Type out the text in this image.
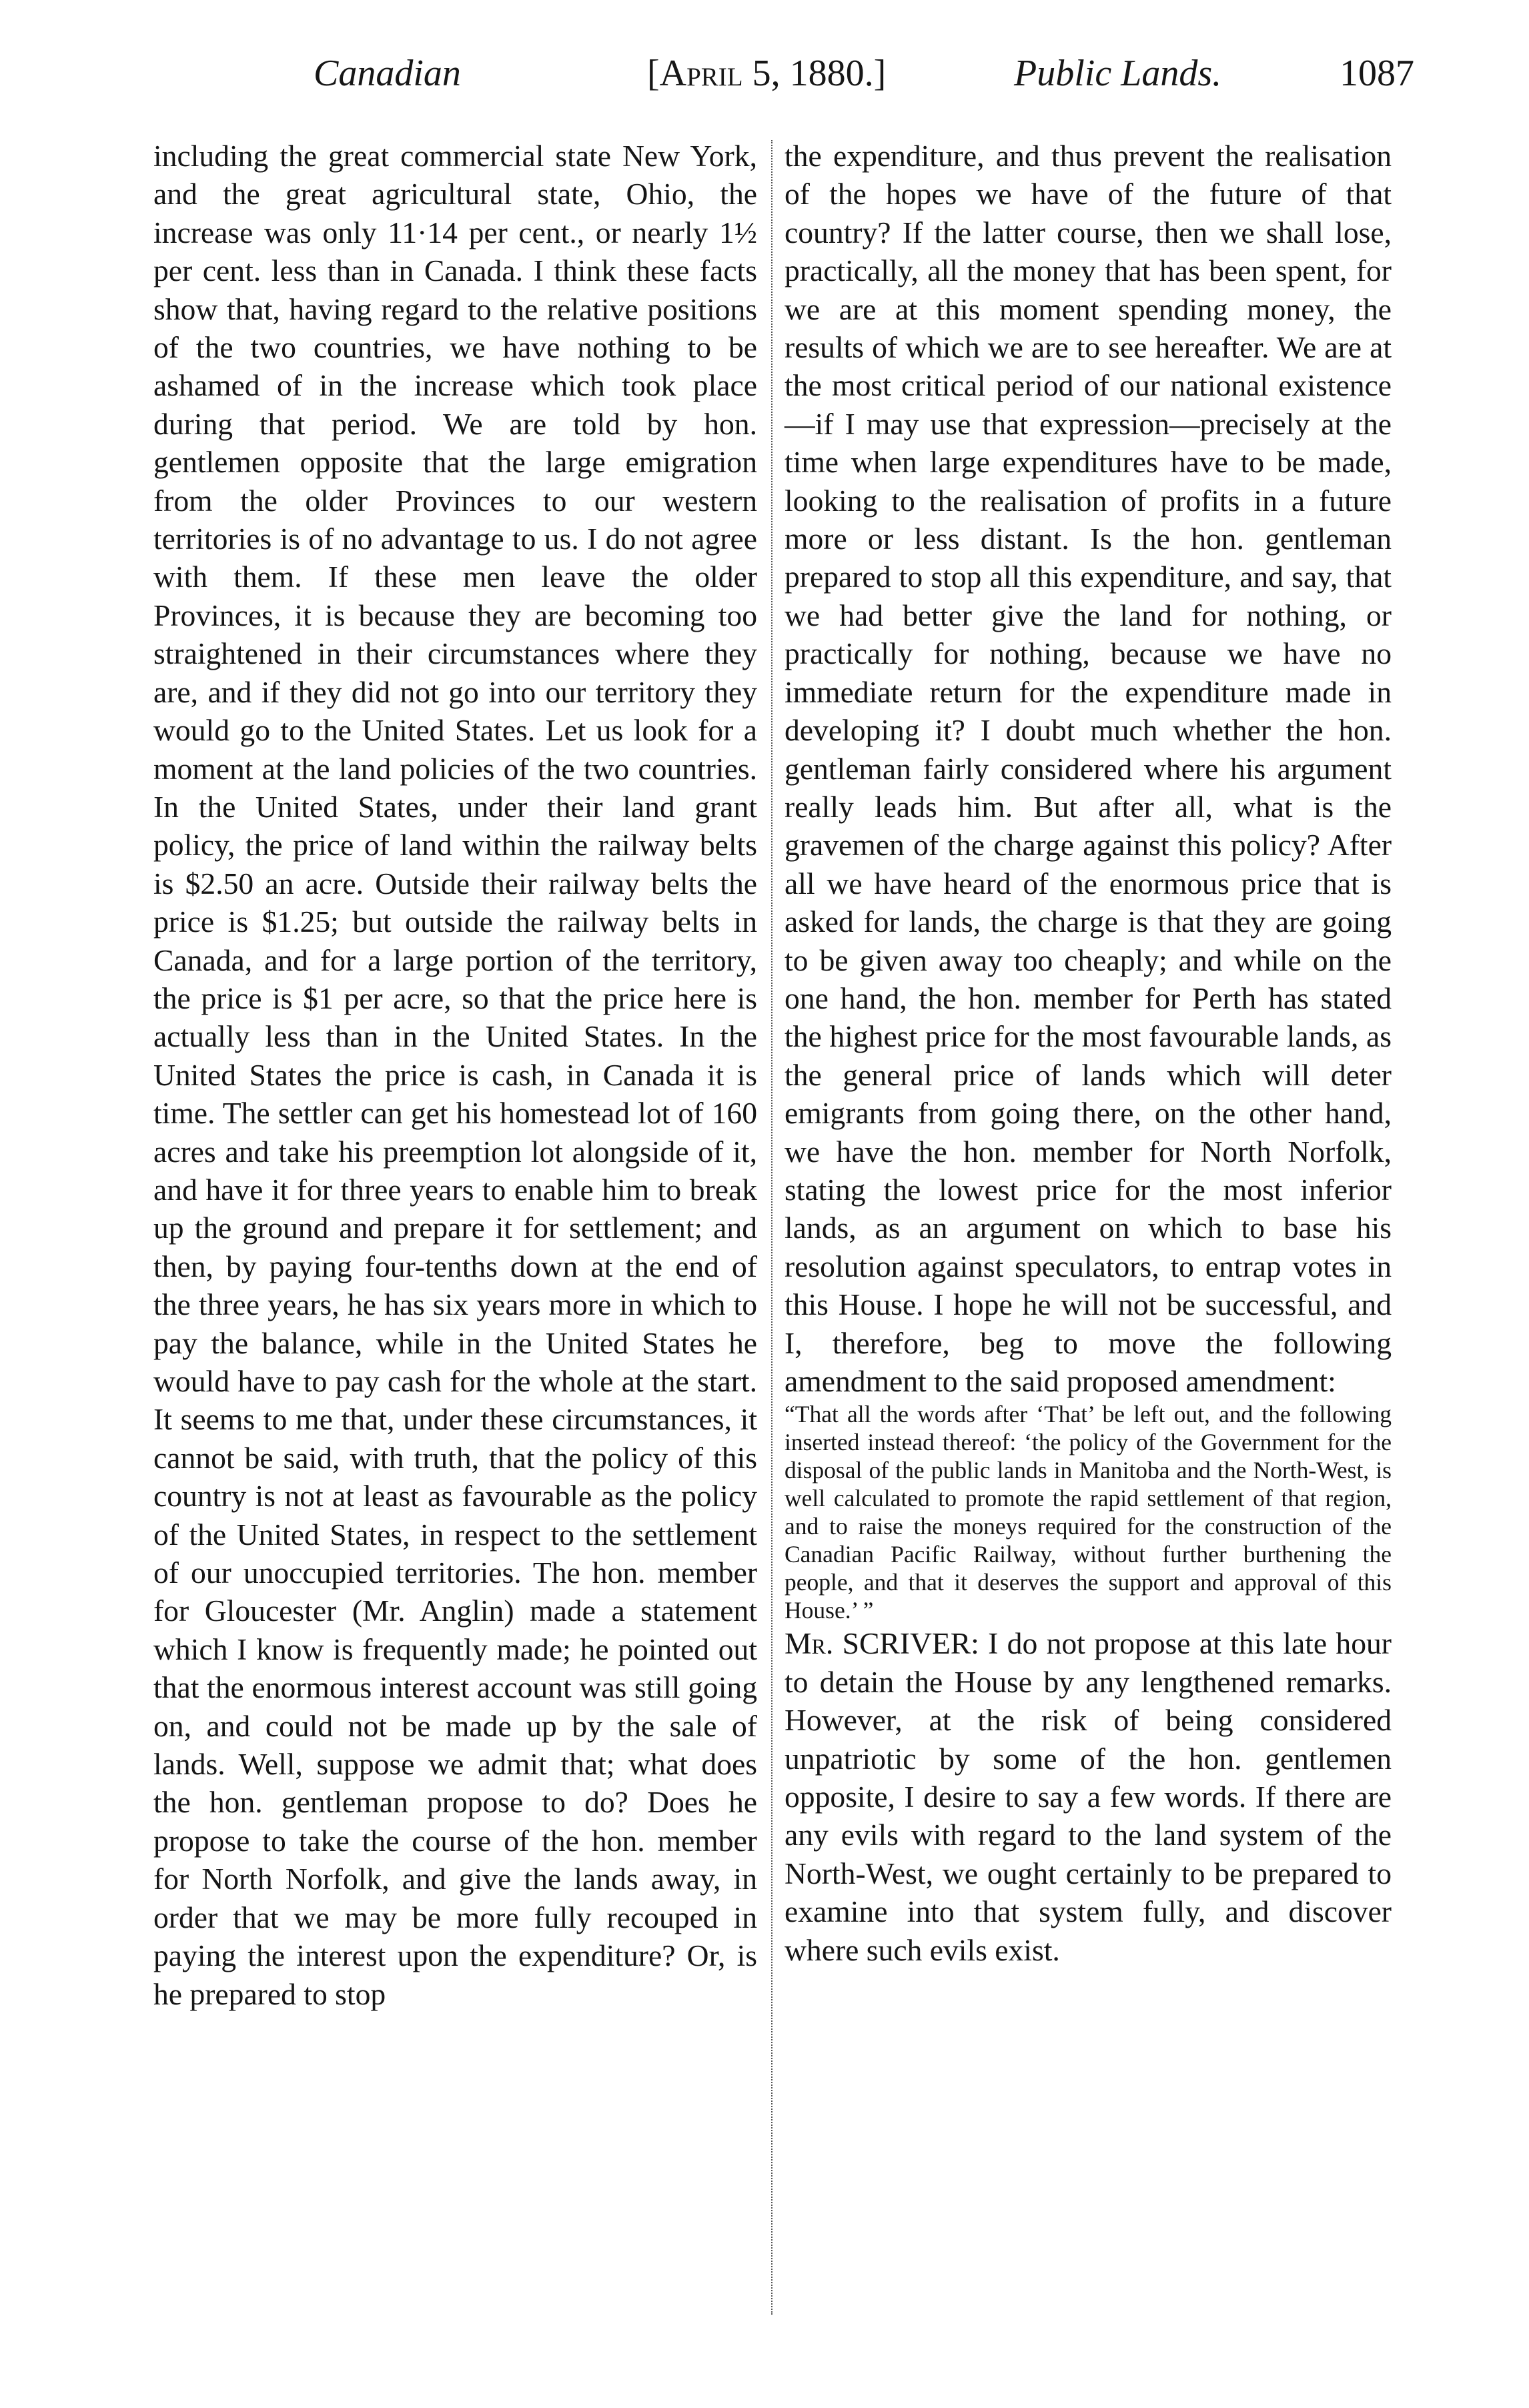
Canadian	[April 5, 1880.]	Public Lands.	1087

including the great commercial state New York, and the great agricultural state, Ohio, the increase was only 11·14 per cent., or nearly 1½ per cent. less than in Canada. I think these facts show that, having regard to the relative positions of the two countries, we have nothing to be ashamed of in the increase which took place during that period. We are told by hon. gentlemen opposite that the large emigration from the older Provinces to our western territories is of no advantage to us. I do not agree with them. If these men leave the older Provinces, it is because they are becoming too straightened in their circumstances where they are, and if they did not go into our territory they would go to the United States. Let us look for a moment at the land policies of the two countries. In the United States, under their land grant policy, the price of land within the railway belts is $2.50 an acre. Outside their railway belts the price is $1.25; but outside the railway belts in Canada, and for a large portion of the territory, the price is $1 per acre, so that the price here is actually less than in the United States. In the United States the price is cash, in Canada it is time. The settler can get his homestead lot of 160 acres and take his preemption lot alongside of it, and have it for three years to enable him to break up the ground and prepare it for settlement; and then, by paying four-tenths down at the end of the three years, he has six years more in which to pay the balance, while in the United States he would have to pay cash for the whole at the start. It seems to me that, under these circumstances, it cannot be said, with truth, that the policy of this country is not at least as favourable as the policy of the United States, in respect to the settlement of our unoccupied territories. The hon. member for Gloucester (Mr. Anglin) made a statement which I know is frequently made; he pointed out that the enormous interest account was still going on, and could not be made up by the sale of lands. Well, suppose we admit that; what does the hon. gentleman propose to do? Does he propose to take the course of the hon. member for North Norfolk, and give the lands away, in order that we may be more fully recouped in paying the interest upon the expenditure? Or, is he prepared to stop

the expenditure, and thus prevent the realisation of the hopes we have of the future of that country? If the latter course, then we shall lose, practically, all the money that has been spent, for we are at this moment spending money, the results of which we are to see hereafter. We are at the most critical period of our national existence—if I may use that expression—precisely at the time when large expenditures have to be made, looking to the realisation of profits in a future more or less distant. Is the hon. gentleman prepared to stop all this expenditure, and say, that we had better give the land for nothing, or practically for nothing, because we have no immediate return for the expenditure made in developing it? I doubt much whether the hon. gentleman fairly considered where his argument really leads him. But after all, what is the gravemen of the charge against this policy? After all we have heard of the enormous price that is asked for lands, the charge is that they are going to be given away too cheaply; and while on the one hand, the hon. member for Perth has stated the highest price for the most favourable lands, as the general price of lands which will deter emigrants from going there, on the other hand, we have the hon. member for North Norfolk, stating the lowest price for the most inferior lands, as an argument on which to base his resolution against speculators, to entrap votes in this House. I hope he will not be successful, and I, therefore, beg to move the following amendment to the said proposed amendment:

“That all the words after ‘That’ be left out, and the following inserted instead thereof: ‘the policy of the Government for the disposal of the public lands in Manitoba and the North-West, is well calculated to promote the rapid settlement of that region, and to raise the moneys required for the construction of the Canadian Pacific Railway, without further burthening the people, and that it deserves the support and approval of this House.’ ”

Mr. SCRIVER: I do not propose at this late hour to detain the House by any lengthened remarks. However, at the risk of being considered unpatriotic by some of the hon. gentlemen opposite, I desire to say a few words. If there are any evils with regard to the land system of the North-West, we ought certainly to be prepared to examine into that system fully, and discover where such evils exist.
